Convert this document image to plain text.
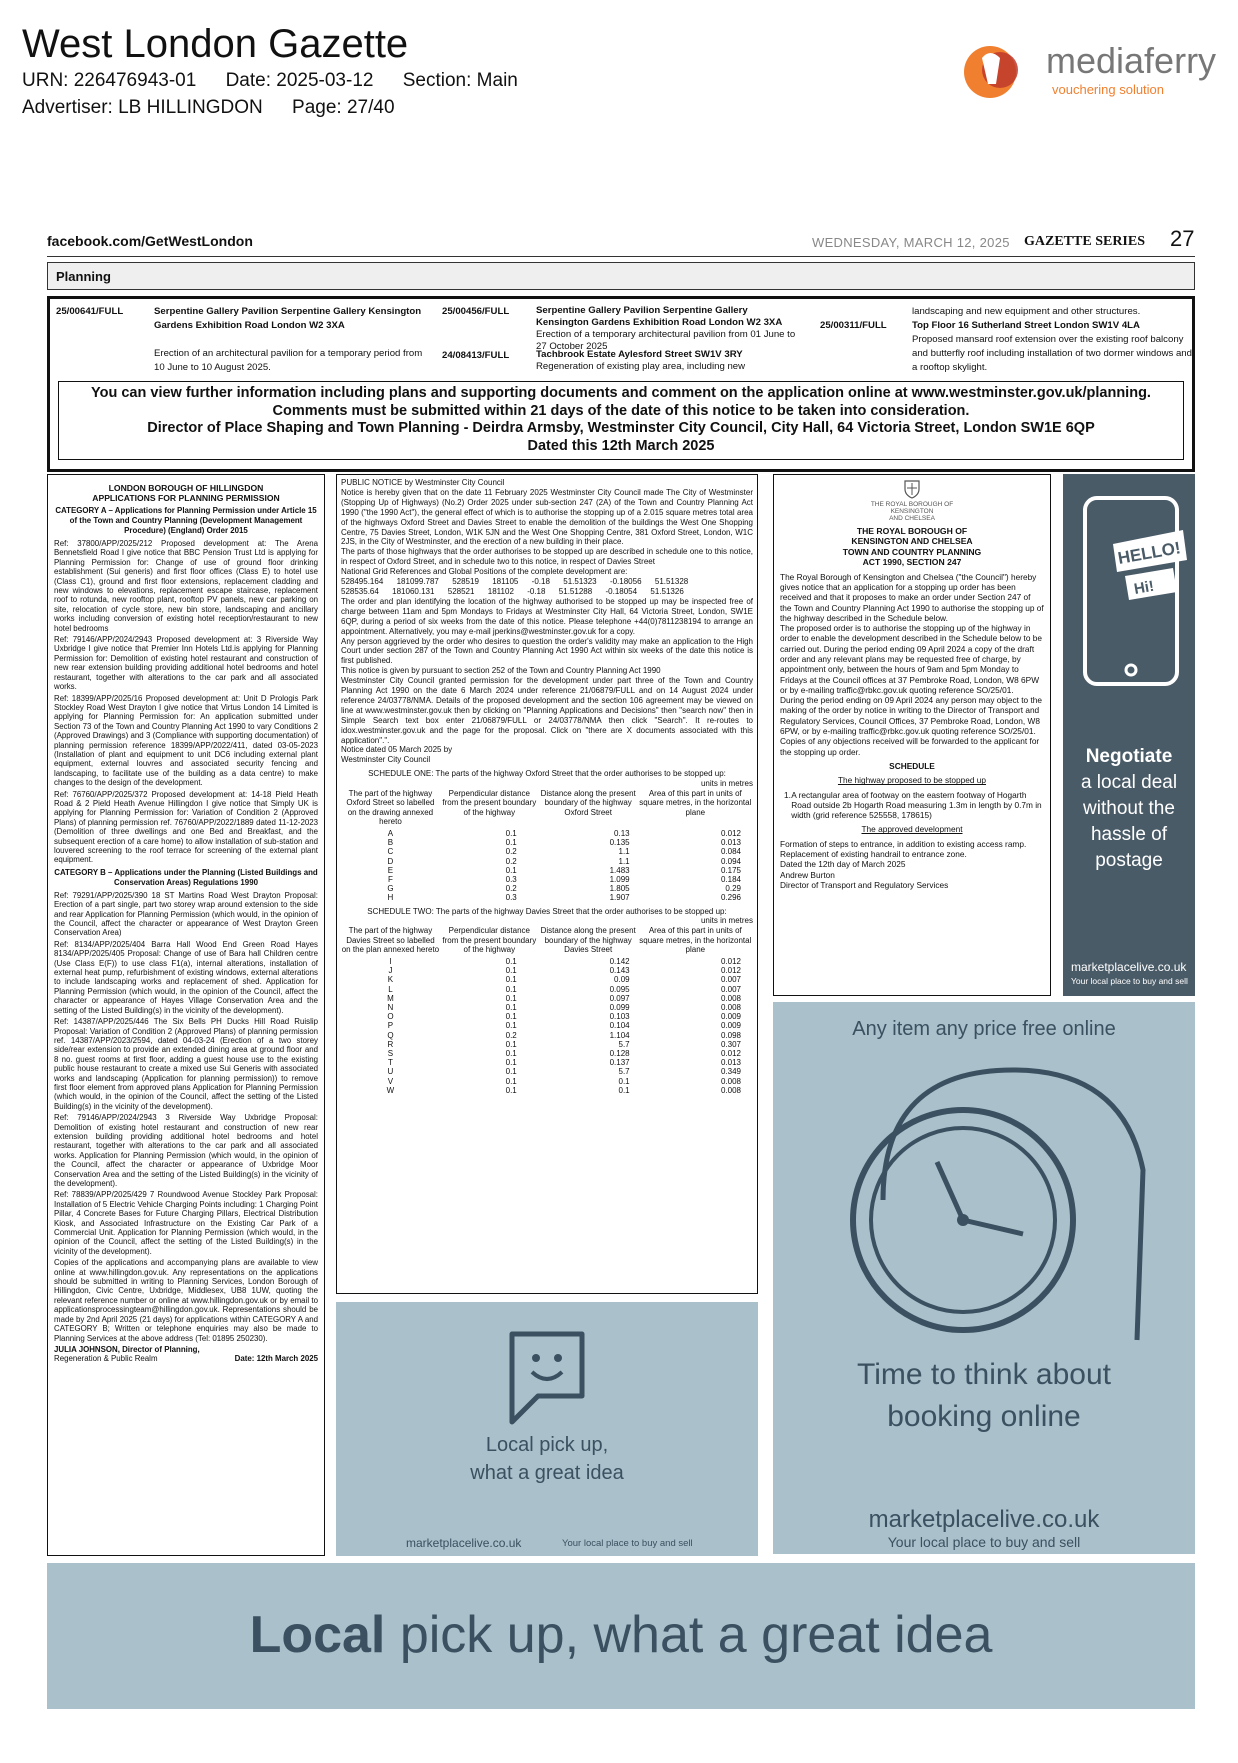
West London Gazette
URN: 226476943-01 Date: 2025-03-12 Section: Main
Advertiser: LB HILLINGDON Page: 27/40
mediaferry
vouchering solution
facebook.com/GetWestLondon	WEDNESDAY, MARCH 12, 2025 GAZETTE SERIES 27
Planning
25/00641/FULL	Serpentine Gallery Pavilion Serpentine Gallery Kensington Gardens Exhibition Road London W2 3XA
Erection of an architectural pavilion for a temporary period from 10 June to 10 August 2025.
25/00456/FULL	Serpentine Gallery Pavilion Serpentine Gallery Kensington Gardens Exhibition Road London W2 3XA
Erection of a temporary architectural pavilion from 01 June to 27 October 2025
24/08413/FULL	Tachbrook Estate Aylesford Street SW1V 3RY
Regeneration of existing play area, including new
landscaping and new equipment and other structures.
25/00311/FULL	Top Floor 16 Sutherland Street London SW1V 4LA
Proposed mansard roof extension over the existing roof balcony and butterfly roof including installation of two dormer windows and a rooftop skylight.
You can view further information including plans and supporting documents and comment on the application online at www.westminster.gov.uk/planning.
Comments must be submitted within 21 days of the date of this notice to be taken into consideration.
Director of Place Shaping and Town Planning - Deirdra Armsby, Westminster City Council, City Hall, 64 Victoria Street, London SW1E 6QP
Dated this 12th March 2025
LONDON BOROUGH OF HILLINGDON
APPLICATIONS FOR PLANNING PERMISSION
CATEGORY A – Applications for Planning Permission under Article 15 of the Town and Country Planning (Development Management Procedure) (England) Order 2015

Ref: 37800/APP/2025/212 Proposed development at: The Arena Bennetsfield Road I give notice that BBC Pension Trust Ltd is applying for Planning Permission for: Change of use of ground floor drinking establishment (Sui generis) and first floor offices (Class E) to hotel use (Class C1), ground and first floor extensions, replacement cladding and new windows to elevations, replacement escape staircase, replacement roof to rotunda, new rooftop plant, rooftop PV panels, new car parking on site, relocation of cycle store, new bin store, landscaping and ancillary works including conversion of existing hotel reception/restaurant to new hotel bedrooms

Ref: 79146/APP/2024/2943 Proposed development at: 3 Riverside Way Uxbridge I give notice that Premier Inn Hotels Ltd.is applying for Planning Permission for: Demolition of existing hotel restaurant and construction of new rear extension building providing additional hotel bedrooms and hotel restaurant, together with alterations to the car park and all associated works.

Ref: 18399/APP/2025/16 Proposed development at: Unit D Prologis Park Stockley Road West Drayton I give notice that Virtus London 14 Limited is applying for Planning Permission for: An application submitted under Section 73 of the Town and Country Planning Act 1990 to vary Conditions 2 (Approved Drawings) and 3 (Compliance with supporting documentation) of planning permission reference 18399/APP/2022/411, dated 03-05-2023 (Installation of plant and equipment to unit DC6 including external plant equipment, external louvres and associated security fencing and landscaping, to facilitate use of the building as a data centre) to make changes to the design of the development.

Ref: 76760/APP/2025/372 Proposed development at: 14-18 Pield Heath Road & 2 Pield Heath Avenue Hillingdon I give notice that Simply UK is applying for Planning Permission for: Variation of Condition 2 (Approved Plans) of planning permission ref. 76760/APP/2022/1889 dated 11-12-2023 (Demolition of three dwellings and one Bed and Breakfast, and the subsequent erection of a care home) to allow installation of sub-station and louvered screening to the roof terrace for screening of the external plant equipment.

CATEGORY B – Applications under the Planning (Listed Buildings and Conservation Areas) Regulations 1990

Ref: 79291/APP/2025/390 18 ST Martins Road West Drayton Proposal: Erection of a part single, part two storey wrap around extension to the side and rear Application for Planning Permission (which would, in the opinion of the Council, affect the character or appearance of West Drayton Green Conservation Area)

Ref: 8134/APP/2025/404 Barra Hall Wood End Green Road Hayes 8134/APP/2025/405 Proposal: Change of use of Bara hall Children centre (Use Class E(F)) to use class F1(a), internal alterations, installation of external heat pump, refurbishment of existing windows, external alterations to include landscaping works and replacement of shed. Application for Planning Permission (which would, in the opinion of the Council, affect the character or appearance of Hayes Village Conservation Area and the setting of the Listed Building(s) in the vicinity of the development).

Ref: 14387/APP/2025/446 The Six Bells PH Ducks Hill Road Ruislip Proposal: Variation of Condition 2 (Approved Plans) of planning permission ref. 14387/APP/2023/2594, dated 04-03-24 (Erection of a two storey side/rear extension to provide an extended dining area at ground floor and 8 no. guest rooms at first floor, adding a guest house use to the existing public house restaurant to create a mixed use Sui Generis with associated works and landscaping (Application for planning permission)) to remove first floor element from approved plans Application for Planning Permission (which would, in the opinion of the Council, affect the setting of the Listed Building(s) in the vicinity of the development).

Ref: 79146/APP/2024/2943 3 Riverside Way Uxbridge Proposal: Demolition of existing hotel restaurant and construction of new rear extension building providing additional hotel bedrooms and hotel restaurant, together with alterations to the car park and all associated works. Application for Planning Permission (which would, in the opinion of the Council, affect the character or appearance of Uxbridge Moor Conservation Area and the setting of the Listed Building(s) in the vicinity of the development).

Ref: 78839/APP/2025/429 7 Roundwood Avenue Stockley Park Proposal: Installation of 5 Electric Vehicle Charging Points including: 1 Charging Point Pillar, 4 Concrete Bases for Future Charging Pillars, Electrical Distribution Kiosk, and Associated Infrastructure on the Existing Car Park of a Commercial Unit. Application for Planning Permission (which would, in the opinion of the Council, affect the setting of the Listed Building(s) in the vicinity of the development).

Copies of the applications and accompanying plans are available to view online at www.hillingdon.gov.uk. Any representations on the applications should be submitted in writing to Planning Services, London Borough of Hillingdon, Civic Centre, Uxbridge, Middlesex, UB8 1UW, quoting the relevant reference number or online at www.hillingdon.gov.uk or by email to applicationsprocessingteam@hillingdon.gov.uk. Representations should be made by 2nd April 2025 (21 days) for applications within CATEGORY A and CATEGORY B; Written or telephone enquiries may also be made to Planning Services at the above address (Tel: 01895 250230).

JULIA JOHNSON, Director of Planning,
Regeneration & Public Realm	Date: 12th March 2025

PUBLIC NOTICE by Westminster City Council

Notice is hereby given that on the date 11 February 2025 Westminster City Council made The City of Westminster (Stopping Up of Highways) (No.2) Order 2025 under sub-section 247 (2A) of the Town and Country Planning Act 1990 ("the 1990 Act"), the general effect of which is to authorise the stopping up of a 2.015 square metres total area of the highways Oxford Street and Davies Street to enable the demolition of the buildings the West One Shopping Centre, 75 Davies Street, London, W1K 5JN and the West One Shopping Centre, 381 Oxford Street, London, W1C 2JS, in the City of Westminster, and the erection of a new building in their place.

The parts of those highways that the order authorises to be stopped up are described in schedule one to this notice, in respect of Oxford Street, and in schedule two to this notice, in respect of Davies Street

National Grid References and Global Positions of the complete development are:

528495.164      181099.787      528519      181105      -0.18      51.51323      -0.18056      51.51328

528535.64      181060.131      528521      181102      -0.18      51.51288      -0.18054      51.51326

The order and plan identifying the location of the highway authorised to be stopped up may be inspected free of charge between 11am and 5pm Mondays to Fridays at Westminster City Hall, 64 Victoria Street, London, SW1E 6QP, during a period of six weeks from the date of this notice. Please telephone +44(0)7811238194 to arrange an appointment. Alternatively, you may e-mail jperkins@westminster.gov.uk for a copy.

Any person aggrieved by the order who desires to question the order's validity may make an application to the High Court under section 287 of the Town and Country Planning Act 1990 Act within six weeks of the date this notice is first published.

This notice is given by pursuant to section 252 of the Town and Country Planning Act 1990

Westminster City Council granted permission for the development under part three of the Town and Country Planning Act 1990 on the date 6 March 2024 under reference 21/06879/FULL and on 14 August 2024 under reference 24/03778/NMA. Details of the proposed development and the section 106 agreement may be viewed on line at www.westminster.gov.uk then by clicking on "Planning Applications and Decisions" then "search now" then in Simple Search text box enter 21/06879/FULL or 24/03778/NMA then click "Search". It re-routes to idox.westminster.gov.uk and the page for the proposal. Click on "there are X documents associated with this application".".

Notice dated 05 March 2025 by

Westminster City Council

SCHEDULE ONE: The parts of the highway Oxford Street that the order authorises to be stopped up:
units in metres
The part of the highway Oxford Street so labelled on the drawing annexed hereto	Perpendicular distance from the present boundary of the highway	Distance along the present boundary of the highway Oxford Street	Area of this part in units of square metres, in the horizontal plane
A	0.1	0.13	0.012
B	0.1	0.135	0.013
C	0.2	1.1	0.084
D	0.2	1.1	0.094
E	0.1	1.483	0.175
F	0.3	1.099	0.184
G	0.2	1.805	0.29
H	0.3	1.907	0.296
SCHEDULE TWO: The parts of the highway Davies Street that the order authorises to be stopped up:
units in metres
The part of the highway Davies Street so labelled on the plan annexed hereto	Perpendicular distance from the present boundary of the highway	Distance along the present boundary of the highway Davies Street	Area of this part in units of square metres, in the horizontal plane
I	0.1	0.142	0.012
J	0.1	0.143	0.012
K	0.1	0.09	0.007
L	0.1	0.095	0.007
M	0.1	0.097	0.008
N	0.1	0.099	0.008
O	0.1	0.103	0.009
P	0.1	0.104	0.009
Q	0.2	1.104	0.098
R	0.1	5.7	0.307
S	0.1	0.128	0.012
T	0.1	0.137	0.013
U	0.1	5.7	0.349
V	0.1	0.1	0.008
W	0.1	0.1	0.008
THE ROYAL BOROUGH OF
KENSINGTON
AND CHELSEA
THE ROYAL BOROUGH OF
KENSINGTON AND CHELSEA
TOWN AND COUNTRY PLANNING
ACT 1990, SECTION 247

The Royal Borough of Kensington and Chelsea ("the Council") hereby gives notice that an application for a stopping up order has been received and that it proposes to make an order under Section 247 of the Town and Country Planning Act 1990 to authorise the stopping up of the highway described in the Schedule below.

The proposed order is to authorise the stopping up of the highway in order to enable the development described in the Schedule below to be carried out. During the period ending 09 April 2024 a copy of the draft order and any relevant plans may be requested free of charge, by appointment only, between the hours of 9am and 5pm Monday to Fridays at the Council offices at 37 Pembroke Road, London, W8 6PW or by e-mailing traffic@rbkc.gov.uk quoting reference SO/25/01.

During the period ending on 09 April 2024 any person may object to the making of the order by notice in writing to the Director of Transport and Regulatory Services, Council Offices, 37 Pembroke Road, London, W8 6PW, or by e-mailing traffic@rbkc.gov.uk quoting reference SO/25/01. Copies of any objections received will be forwarded to the applicant for the stopping up order.

SCHEDULE
The highway proposed to be stopped up
1. A rectangular area of footway on the eastern footway of Hogarth Road outside 2b Hogarth Road measuring 1.3m in length by 0.7m in width (grid reference 525558, 178615)
The approved development

Formation of steps to entrance, in addition to existing access ramp. Replacement of existing handrail to entrance zone.

Dated the 12th day of March 2025
Andrew Burton
Director of Transport and Regulatory Services
HELLO!
Hi!
Negotiate
a local deal without the hassle of postage
marketplacelive.co.uk
Your local place to buy and sell
Any item any price free online
Time to think about
booking online
marketplacelive.co.uk
Your local place to buy and sell
Local pick up,
what a great idea
marketplacelive.co.uk	Your local place to buy and sell
Local pick up, what a great idea
